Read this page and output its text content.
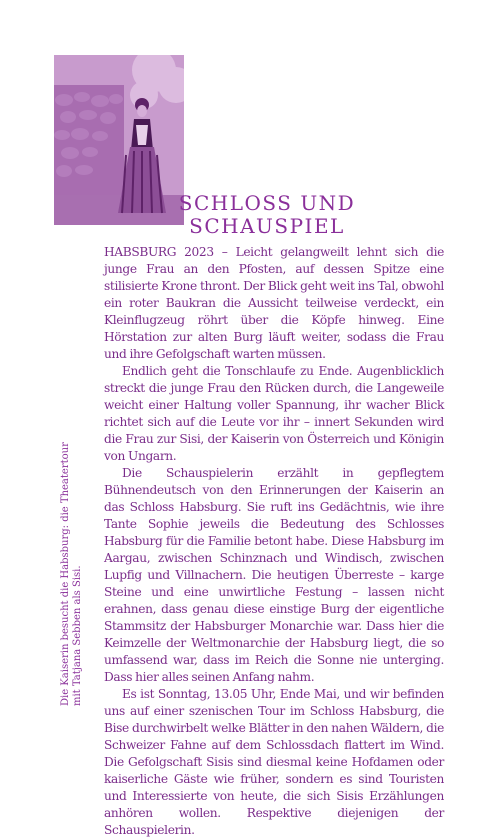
SCHLOSS UND
SCHAUSPIEL
Die Kaiserin besucht die Habsburg: die Theatertour mit Tatjana Sebben als Sisi.

HABSBURG 2023 – Leicht gelangweilt lehnt sich die junge Frau an den Pfosten, auf dessen Spitze eine stilisierte Krone thront. Der Blick geht weit ins Tal, obwohl ein roter Baukran die Aussicht teilweise verdeckt, ein Kleinflugzeug röhrt über die Köpfe hinweg. Eine Hörstation zur alten Burg läuft weiter, sodass die Frau und ihre Gefolgschaft warten müssen.

Endlich geht die Tonschlaufe zu Ende. Augenblicklich streckt die junge Frau den Rücken durch, die Langeweile weicht einer Haltung voller Spannung, ihr wacher Blick richtet sich auf die Leute vor ihr – innert Sekunden wird die Frau zur Sisi, der Kaiserin von Österreich und Königin von Ungarn.

Die Schauspielerin erzählt in gepflegtem Bühnendeutsch von den Erinnerungen der Kaiserin an das Schloss Habsburg. Sie ruft ins Gedächtnis, wie ihre Tante Sophie jeweils die Bedeutung des Schlosses Habsburg für die Familie betont habe. Diese Habsburg im Aargau, zwischen Schinznach und Windisch, zwischen Lupfig und Villnachern. Die heutigen Überreste – karge Steine und eine unwirtliche Festung – lassen nicht erahnen, dass genau diese einstige Burg der eigentliche Stammsitz der Habsburger Monarchie war. Dass hier die Keimzelle der Weltmonarchie der Habsburg liegt, die so umfassend war, dass im Reich die Sonne nie unterging. Dass hier alles seinen Anfang nahm.

Es ist Sonntag, 13.05 Uhr, Ende Mai, und wir befinden uns auf einer szenischen Tour im Schloss Habsburg, die Bise durchwirbelt welke Blätter in den nahen Wäldern, die Schweizer Fahne auf dem Schlossdach flattert im Wind. Die Gefolgschaft Sisis sind diesmal keine Hofdamen oder kaiserliche Gäste wie früher, sondern es sind Touristen und Interessierte von heute, die sich Sisis Erzählungen anhören wollen. Respektive diejenigen der Schauspielerin.
